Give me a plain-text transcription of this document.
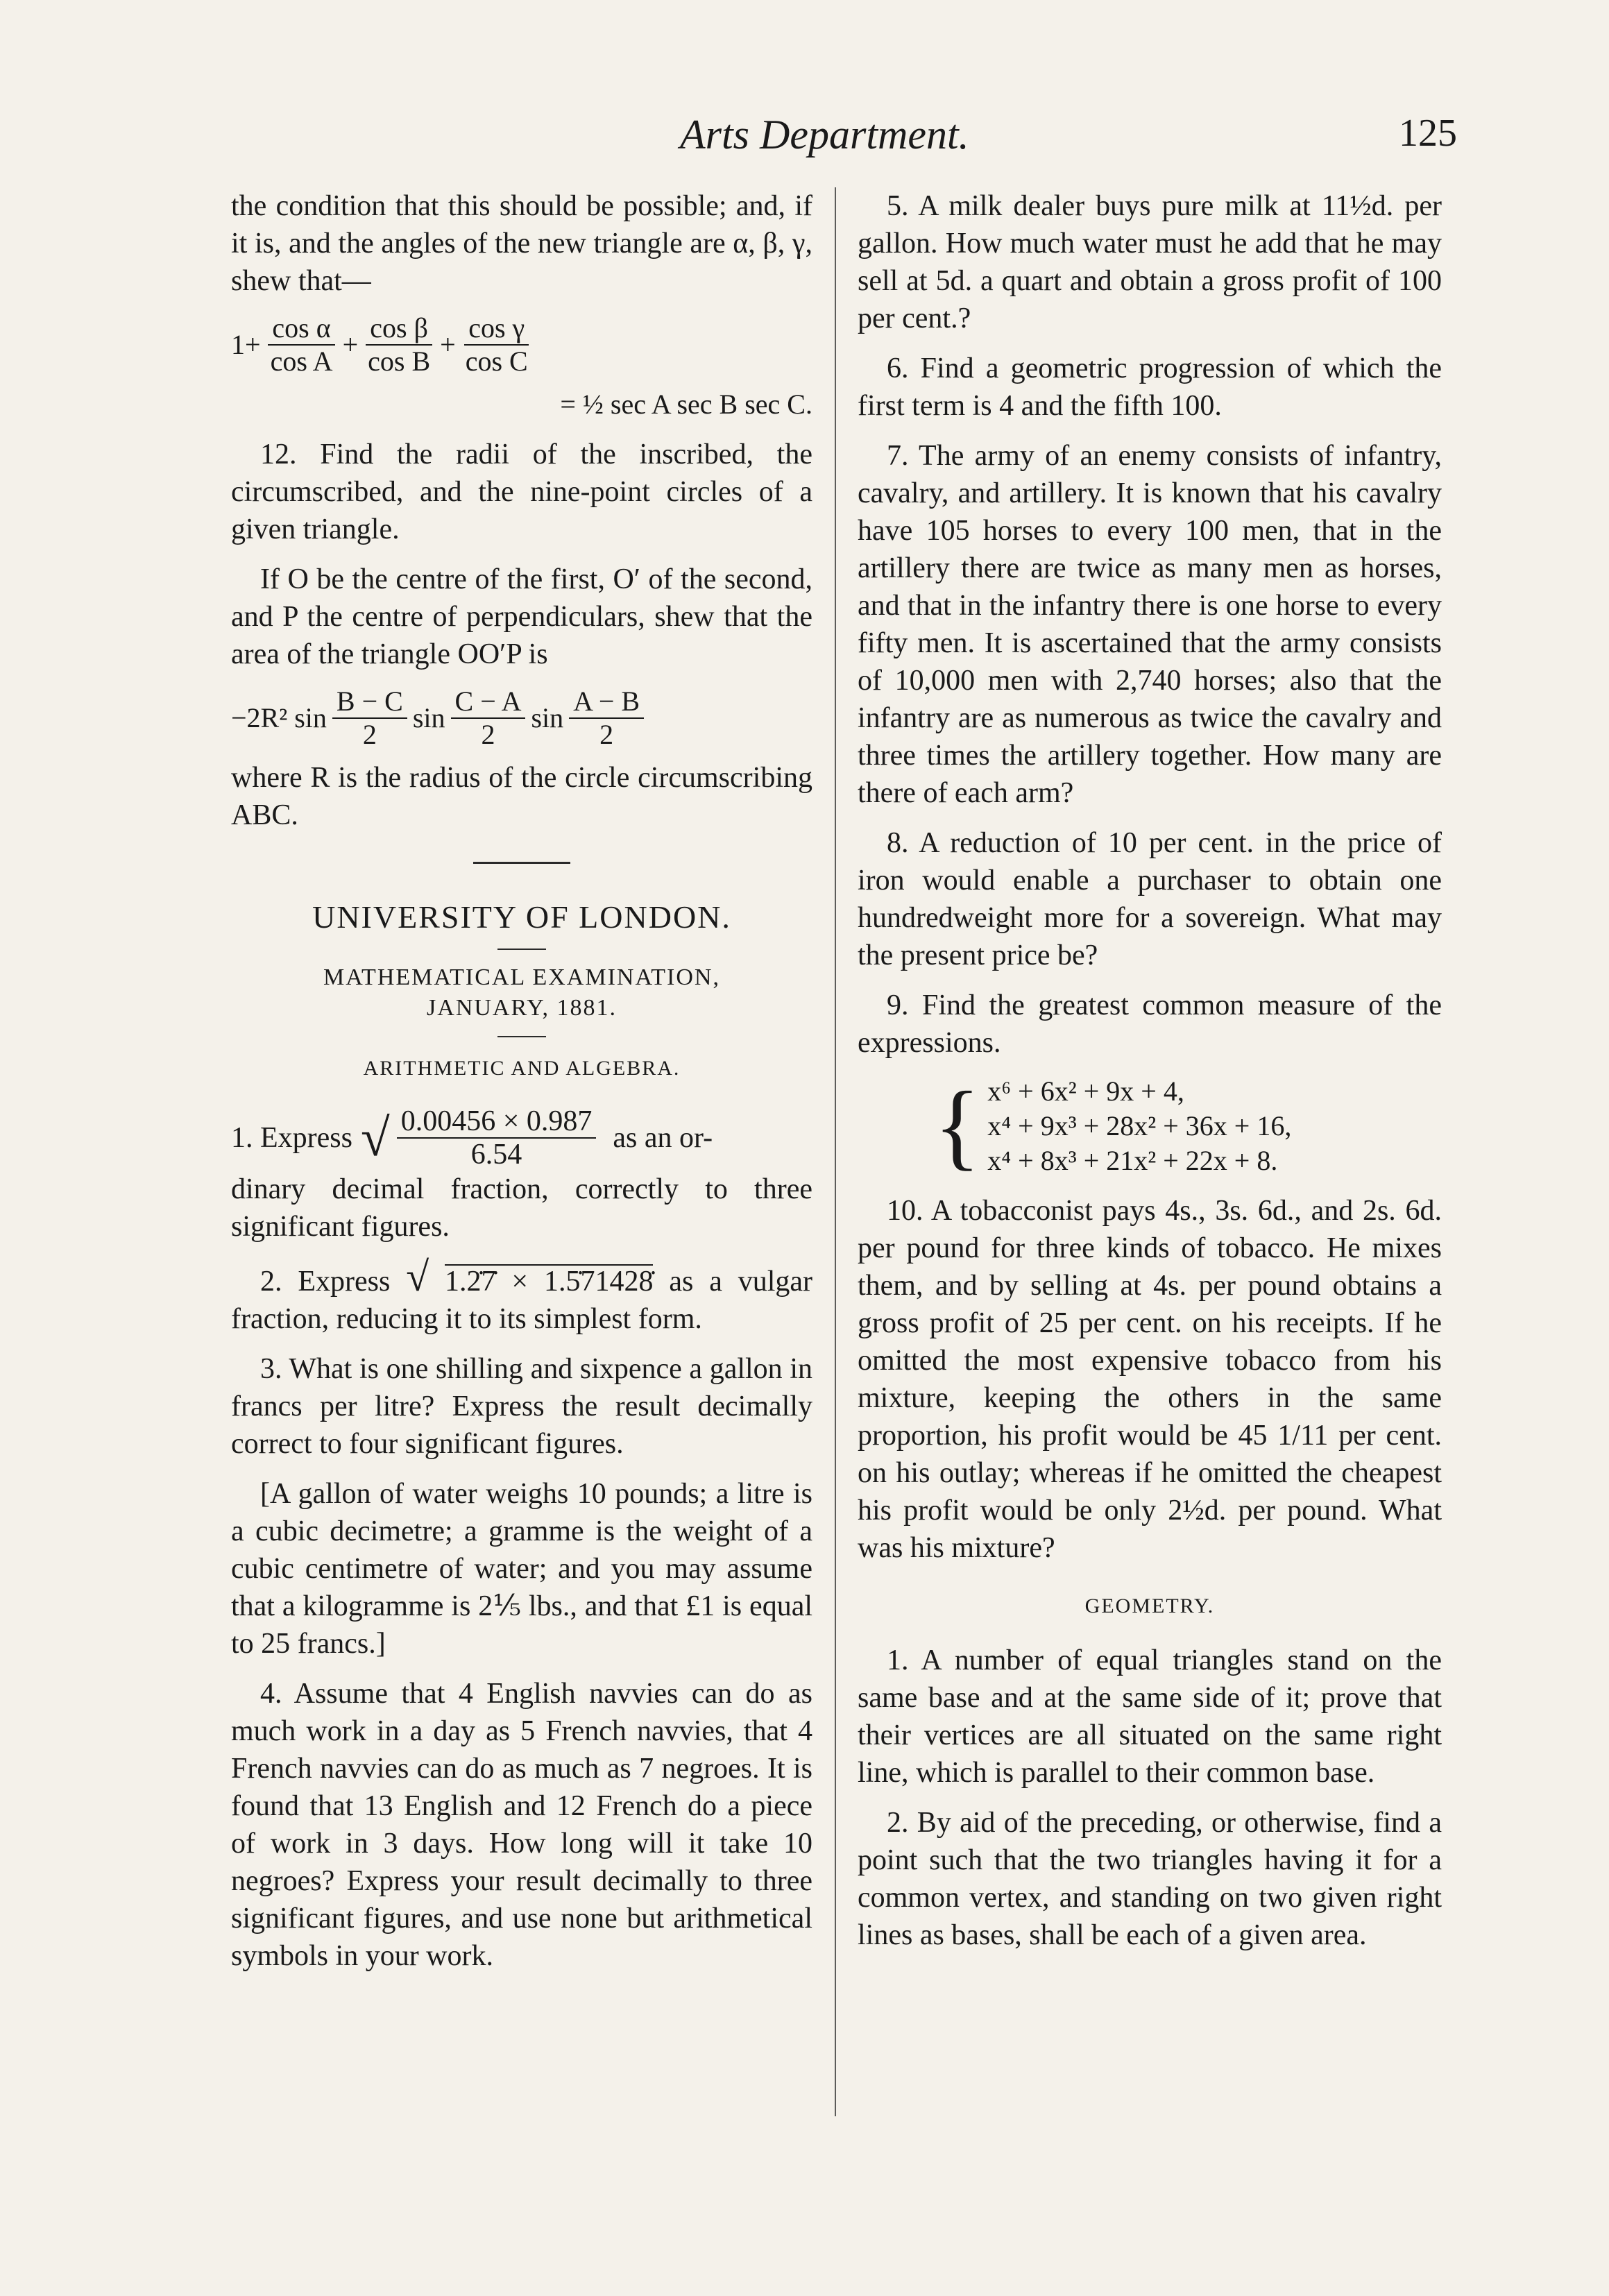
Arts Department.	125

the condition that this should be possible; and, if it is, and the angles of the new triangle are α, β, γ, shew that—

$1+ \frac{\text{cos α}}{\text{cos A}} + \frac{\text{cos β}}{\text{cos B}} + \frac{\text{cos γ}}{\text{cos C}}$
= ½ sec A sec B sec C.

12. Find the radii of the inscribed, the circumscribed, and the nine-point circles of a given triangle.

If O be the centre of the first, O′ of the second, and P the centre of perpendiculars, shew that the area of the triangle OO′P is

−2R² $\sin \frac{B - C}{2}$ $\sin \frac{C - A}{2}$ $\sin \frac{A - B}{2}$

where R is the radius of the circle circumscribing ABC.

UNIVERSITY OF LONDON.
MATHEMATICAL EXAMINATION,
JANUARY, 1881.
ARITHMETIC AND ALGEBRA.
1. Express √ $\frac{0.00456 \times 0.987}{6.54}$ as an or-

dinary decimal fraction, correctly to three significant figures.

2. Express √ 1.2̇7̇ × 1.5̇71428̇ as a vulgar fraction, reducing it to its simplest form.

3. What is one shilling and sixpence a gallon in francs per litre? Express the result decimally correct to four significant figures.

[A gallon of water weighs 10 pounds; a litre is a cubic decimetre; a gramme is the weight of a cubic centimetre of water; and you may assume that a kilogramme is 2⅕ lbs., and that £1 is equal to 25 francs.]

4. Assume that 4 English navvies can do as much work in a day as 5 French navvies, that 4 French navvies can do as much as 7 negroes. It is found that 13 English and 12 French do a piece of work in 3 days. How long will it take 10 negroes? Express your result decimally to three significant figures, and use none but arithmetical symbols in your work.

5. A milk dealer buys pure milk at 11½d. per gallon. How much water must he add that he may sell at 5d. a quart and obtain a gross profit of 100 per cent.?

6. Find a geometric progression of which the first term is 4 and the fifth 100.

7. The army of an enemy consists of infantry, cavalry, and artillery. It is known that his cavalry have 105 horses to every 100 men, that in the artillery there are twice as many men as horses, and that in the infantry there is one horse to every fifty men. It is ascertained that the army consists of 10,000 men with 2,740 horses; also that the infantry are as numerous as twice the cavalry and three times the artillery together. How many are there of each arm?

8. A reduction of 10 per cent. in the price of iron would enable a purchaser to obtain one hundredweight more for a sovereign. What may the present price be?

9. Find the greatest common measure of the expressions.

{ x⁶ + 6x² + 9x + 4,
x⁴ + 9x³ + 28x² + 36x + 16,
x⁴ + 8x³ + 21x² + 22x + 8.

10. A tobacconist pays 4s., 3s. 6d., and 2s. 6d. per pound for three kinds of tobacco. He mixes them, and by selling at 4s. per pound obtains a gross profit of 25 per cent. on his receipts. If he omitted the most expensive tobacco from his mixture, keeping the others in the same proportion, his profit would be 45 1/11 per cent. on his outlay; whereas if he omitted the cheapest his profit would be only 2½d. per pound. What was his mixture?

GEOMETRY.

1. A number of equal triangles stand on the same base and at the same side of it; prove that their vertices are all situated on the same right line, which is parallel to their common base.

2. By aid of the preceding, or otherwise, find a point such that the two triangles having it for a common vertex, and standing on two given right lines as bases, shall be each of a given area.
